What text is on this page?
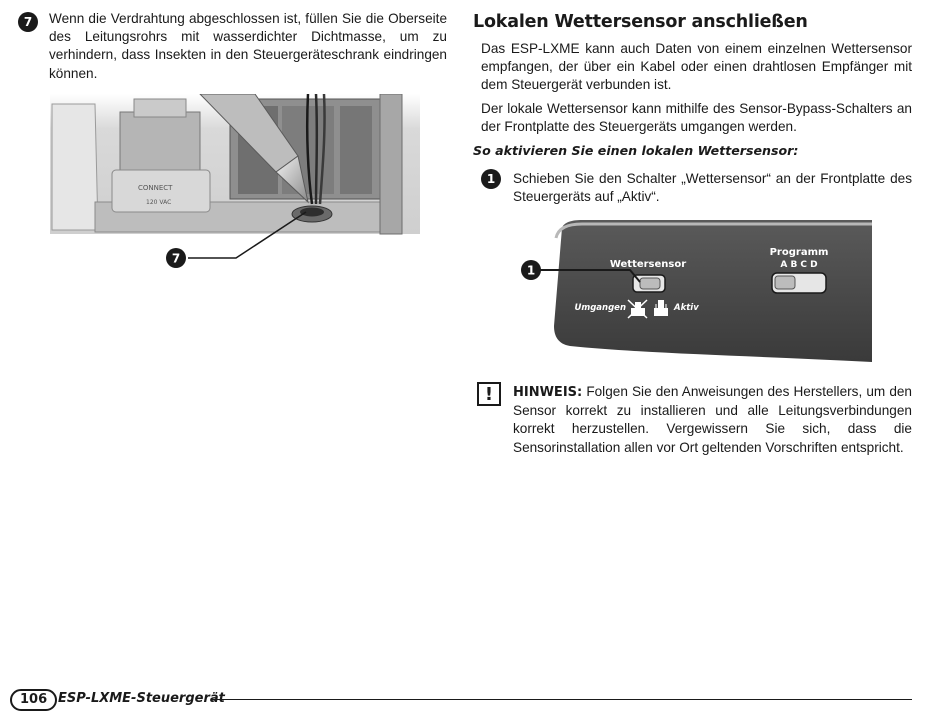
7	Wenn die Verdrahtung abgeschlossen ist, füllen Sie die Oberseite des Leitungsrohrs mit wasserdichter Dichtmasse, um zu verhindern, dass Insekten in den Steuergeräteschrank eindringen können.

CONNECT
120 VAC
7
Lokalen Wettersensor anschließen

Das ESP-LXME kann auch Daten von einem einzelnen Wettersensor empfangen, der über ein Kabel oder einen drahtlosen Empfänger mit dem Steuergerät verbunden ist.

Der lokale Wettersensor kann mithilfe des Sensor-Bypass-Schalters an der Frontplatte des Steuergeräts umgangen werden.

So aktivieren Sie einen lokalen Wettersensor:

1	Schieben Sie den Schalter „Wettersensor“ an der Frontplatte des Steuergeräts auf „Aktiv“.

Wettersensor
Programm
A B C D
Umgangen	Aktiv
1
!	HINWEIS: Folgen Sie den Anweisungen des Herstellers, um den Sensor korrekt zu installieren und alle Leitungsverbindungen korrekt herzustellen. Vergewissern Sie sich, dass die Sensorinstallation allen vor Ort geltenden Vorschriften entspricht.

106 ESP-LXME-Steuergerät
